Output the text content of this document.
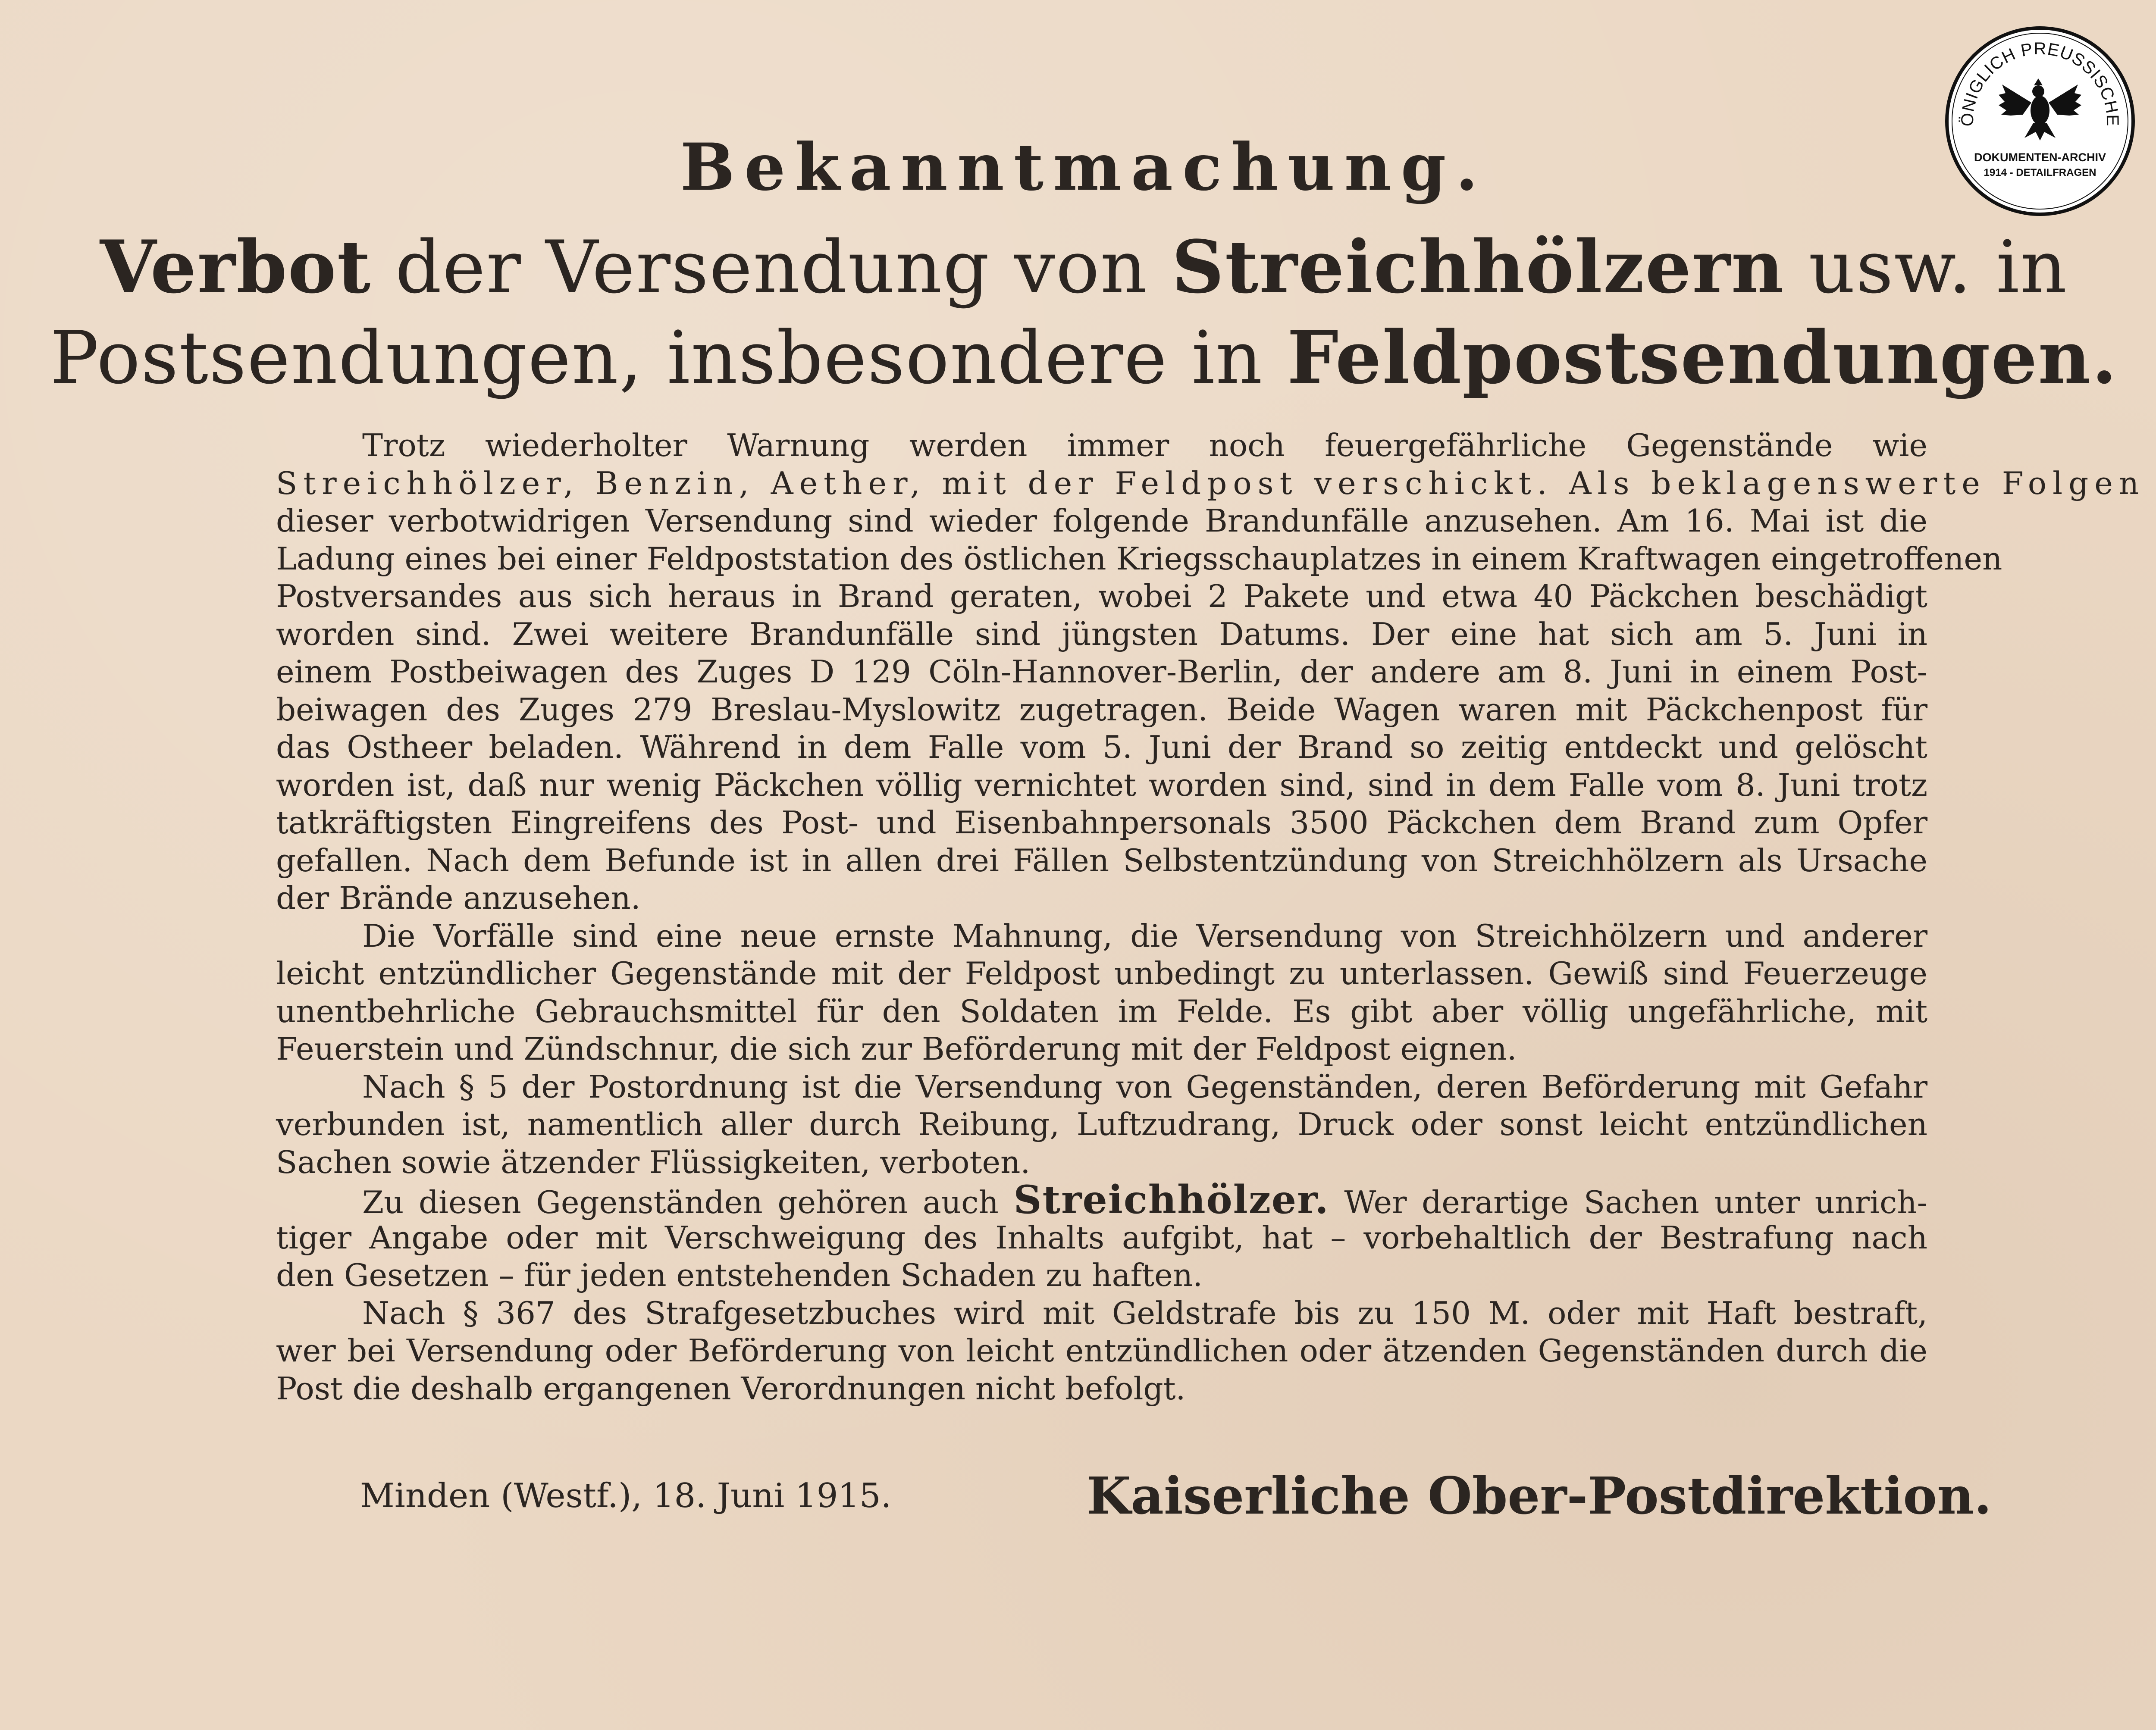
Bekanntmachung.
Verbot der Versendung von Streichhölzern usw. in
Postsendungen, insbesondere in Feldpostsendungen.
Trotz wiederholter Warnung werden immer noch feuergefährliche Gegenstände wie
Streichhölzer, Benzin, Aether, mit der Feldpost verschickt. Als beklagenswerte Folgen
dieser verbotwidrigen Versendung sind wieder folgende Brandunfälle anzusehen. Am 16. Mai ist die
Ladung eines bei einer Feldpoststation des östlichen Kriegsschauplatzes in einem Kraftwagen eingetroffenen
Postversandes aus sich heraus in Brand geraten, wobei 2 Pakete und etwa 40 Päckchen beschädigt
worden sind. Zwei weitere Brandunfälle sind jüngsten Datums. Der eine hat sich am 5. Juni in
einem Postbeiwagen des Zuges D 129 Cöln-Hannover-Berlin, der andere am 8. Juni in einem Post-
beiwagen des Zuges 279 Breslau-Myslowitz zugetragen. Beide Wagen waren mit Päckchenpost für
das Ostheer beladen. Während in dem Falle vom 5. Juni der Brand so zeitig entdeckt und gelöscht
worden ist, daß nur wenig Päckchen völlig vernichtet worden sind, sind in dem Falle vom 8. Juni trotz
tatkräftigsten Eingreifens des Post- und Eisenbahnpersonals 3500 Päckchen dem Brand zum Opfer
gefallen. Nach dem Befunde ist in allen drei Fällen Selbstentzündung von Streichhölzern als Ursache
der Brände anzusehen.
Die Vorfälle sind eine neue ernste Mahnung, die Versendung von Streichhölzern und anderer
leicht entzündlicher Gegenstände mit der Feldpost unbedingt zu unterlassen. Gewiß sind Feuerzeuge
unentbehrliche Gebrauchsmittel für den Soldaten im Felde. Es gibt aber völlig ungefährliche, mit
Feuerstein und Zündschnur, die sich zur Beförderung mit der Feldpost eignen.
Nach § 5 der Postordnung ist die Versendung von Gegenständen, deren Beförderung mit Gefahr
verbunden ist, namentlich aller durch Reibung, Luftzudrang, Druck oder sonst leicht entzündlichen
Sachen sowie ätzender Flüssigkeiten, verboten.
Zu diesen Gegenständen gehören auch Streichhölzer. Wer derartige Sachen unter unrich-
tiger Angabe oder mit Verschweigung des Inhalts aufgibt, hat – vorbehaltlich der Bestrafung nach
den Gesetzen – für jeden entstehenden Schaden zu haften.
Nach § 367 des Strafgesetzbuches wird mit Geldstrafe bis zu 150 M. oder mit Haft bestraft,
wer bei Versendung oder Beförderung von leicht entzündlichen oder ätzenden Gegenständen durch die
Post die deshalb ergangenen Verordnungen nicht befolgt.
Minden (Westf.), 18. Juni 1915.	Kaiserliche Ober-Postdirektion.
ÖNIGLICH PREUSSISCHE
DOKUMENTEN-ARCHIV
1914 - DETAILFRAGEN
